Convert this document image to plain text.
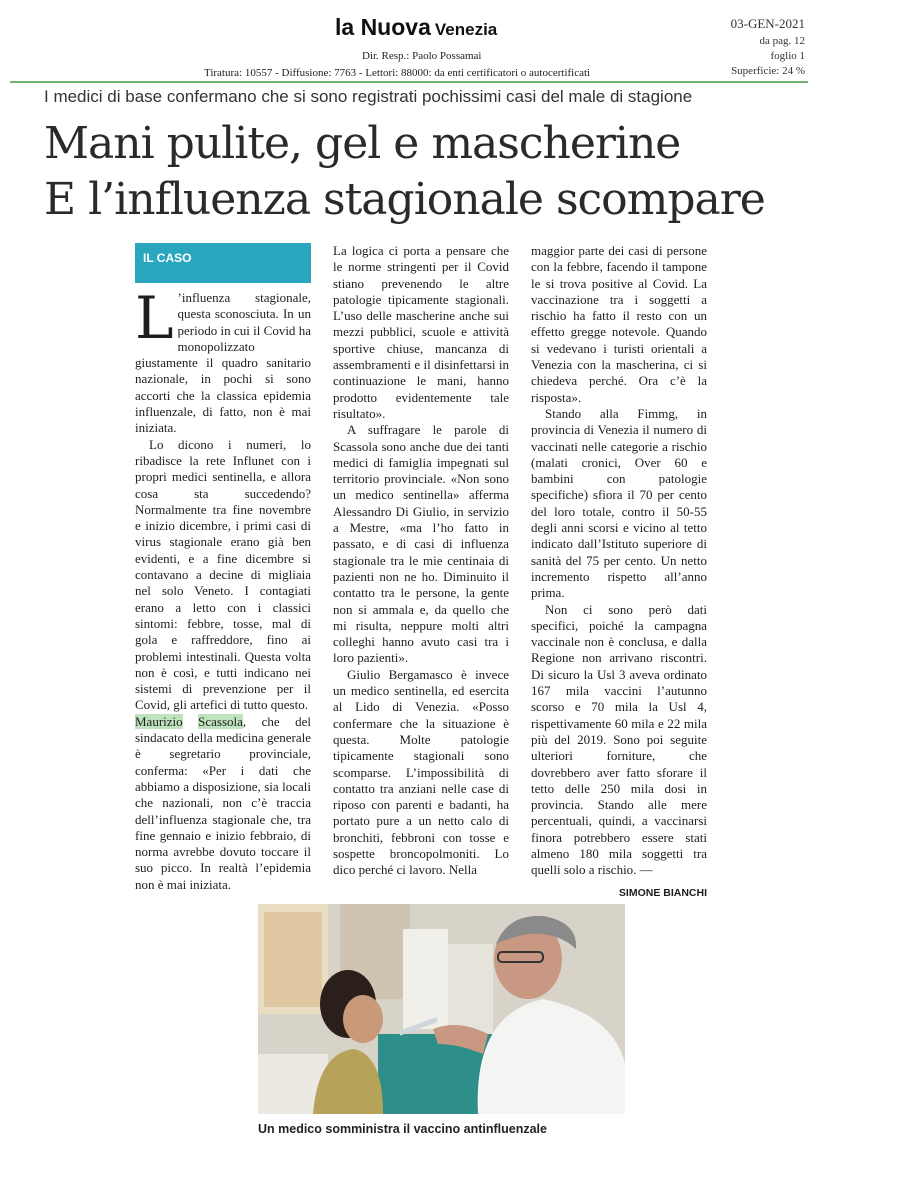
la Nuova Venezia	03-GEN-2021
da pag. 12
foglio 1
Superficie: 24 %
Dir. Resp.: Paolo Possamai
Tiratura: 10557 - Diffusione: 7763 - Lettori: 88000: da enti certificatori o autocertificati
I medici di base confermano che si sono registrati pochissimi casi del male di stagione
Mani pulite, gel e mascherine
E l’influenza stagionale scompare
IL CASO

L ’influenza stagionale, questa sconosciuta. In un periodo in cui il Covid ha monopolizzato giustamente il quadro sanitario nazionale, in pochi si sono accorti che la classica epidemia influenzale, di fatto, non è mai iniziata.

Lo dicono i numeri, lo ribadisce la rete Influnet con i propri medici sentinella, e allora cosa sta succedendo? Normalmente tra fine novembre e inizio dicembre, i primi casi di virus stagionale erano già ben evidenti, e a fine dicembre si contavano a decine di migliaia nel solo Veneto. I contagiati erano a letto con i classici sintomi: febbre, tosse, mal di gola e raffreddore, fino ai problemi intestinali. Questa volta non è così, e tutti indicano nei sistemi di prevenzione per il Covid, gli artefici di tutto questo.

Maurizio Scassola, che del sindacato della medicina generale è segretario provinciale, conferma: «Per i dati che abbiamo a disposizione, sia locali che nazionali, non c’è traccia dell’influenza stagionale che, tra fine gennaio e inizio febbraio, di norma avrebbe dovuto toccare il suo picco. In realtà l’epidemia non è mai iniziata.

La logica ci porta a pensare che le norme stringenti per il Covid stiano prevenendo le altre patologie tipicamente stagionali. L’uso delle mascherine anche sui mezzi pubblici, scuole e attività sportive chiuse, mancanza di assembramenti e il disinfettarsi in continuazione le mani, hanno prodotto evidentemente tale risultato».

A suffragare le parole di Scassola sono anche due dei tanti medici di famiglia impegnati sul territorio provinciale. «Non sono un medico sentinella» afferma Alessandro Di Giulio, in servizio a Mestre, «ma l’ho fatto in passato, e di casi di influenza stagionale tra le mie centinaia di pazienti non ne ho. Diminuito il contatto tra le persone, la gente non si ammala e, da quello che mi risulta, neppure molti altri colleghi hanno avuto casi tra i loro pazienti».

Giulio Bergamasco è invece un medico sentinella, ed esercita al Lido di Venezia. «Posso confermare che la situazione è questa. Molte patologie tipicamente stagionali sono scomparse. L’impossibilità di contatto tra anziani nelle case di riposo con parenti e badanti, ha portato pure a un netto calo di bronchiti, febbroni con tosse e sospette broncopolmoniti. Lo dico perché ci lavoro. Nella

maggior parte dei casi di persone con la febbre, facendo il tampone le si trova positive al Covid. La vaccinazione tra i soggetti a rischio ha fatto il resto con un effetto gregge notevole. Quando si vedevano i turisti orientali a Venezia con la mascherina, ci si chiedeva perché. Ora c’è la risposta».

Stando alla Fimmg, in provincia di Venezia il numero di vaccinati nelle categorie a rischio (malati cronici, Over 60 e bambini con patologie specifiche) sfiora il 70 per cento del loro totale, contro il 50-55 degli anni scorsi e vicino al tetto indicato dall’Istituto superiore di sanità del 75 per cento. Un netto incremento rispetto all’anno prima.

Non ci sono però dati specifici, poiché la campagna vaccinale non è conclusa, e dalla Regione non arrivano riscontri. Di sicuro la Usl 3 aveva ordinato 167 mila vaccini l’autunno scorso e 70 mila la Usl 4, rispettivamente 60 mila e 22 mila più del 2019. Sono poi seguite ulteriori forniture, che dovrebbero aver fatto sforare il tetto delle 250 mila dosi in provincia. Stando alle mere percentuali, quindi, a vaccinarsi finora potrebbero essere stati almeno 180 mila soggetti tra quelli solo a rischio. —

SIMONE BIANCHI
Un medico somministra il vaccino antinfluenzale
